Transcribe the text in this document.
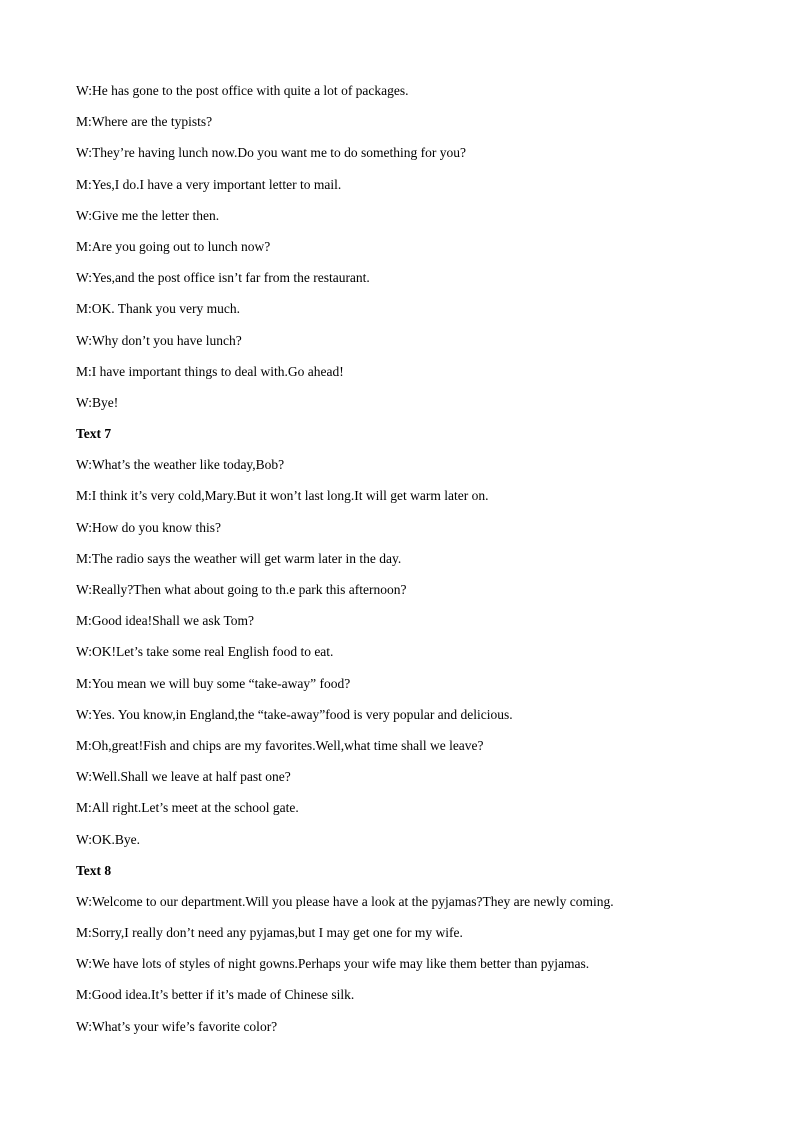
W:He has gone to the post office with quite a lot of packages.
M:Where are the typists?
W:They’re having lunch now.Do you want me to do something for you?
M:Yes,I do.I have a very important letter to mail.
W:Give me the letter then.
M:Are you going out to lunch now?
W:Yes,and the post office isn’t far from the restaurant.
M:OK. Thank you very much.
W:Why don’t you have lunch?
M:I have important things to deal with.Go ahead!
W:Bye!
Text 7
W:What’s the weather like today,Bob?
M:I think it’s very cold,Mary.But it won’t last long.It will get warm later on.
W:How do you know this?
M:The radio says the weather will get warm later in the day.
W:Really?Then what about going to th.e park this afternoon?
M:Good idea!Shall we ask Tom?
W:OK!Let’s take some real English food to eat.
M:You mean we will buy some “take-away” food?
W:Yes. You know,in England,the “take-away”food is very popular and delicious.
M:Oh,great!Fish and chips are my favorites.Well,what time shall we leave?
W:Well.Shall we leave at half past one?
M:All right.Let’s meet at the school gate.
W:OK.Bye.
Text 8
W:Welcome to our department.Will you please have a look at the pyjamas?They are newly coming.
M:Sorry,I really don’t need any pyjamas,but I may get one for my wife.
W:We have lots of styles of night gowns.Perhaps your wife may like them better than pyjamas.
M:Good idea.It’s better if it’s made of Chinese silk.
W:What’s your wife’s favorite color?
